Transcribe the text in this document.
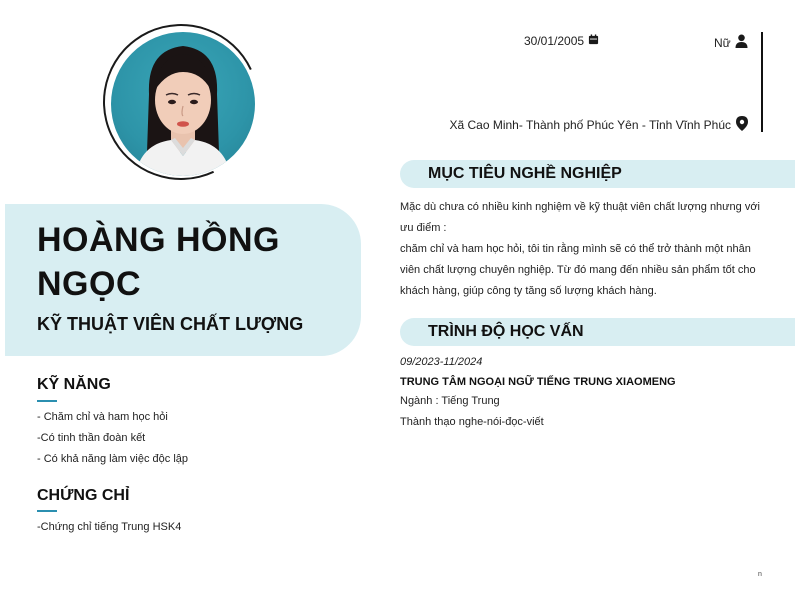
HOÀNG HỒNG NGỌC
KỸ THUẬT VIÊN CHẤT LƯỢNG
KỸ NĂNG
- Chăm chỉ và ham học hỏi
-Có tinh thần đoàn kết
- Có khả năng làm việc độc lập
CHỨNG CHỈ
-Chứng chỉ tiếng Trung HSK4
30/01/2005	Nữ
Xã Cao Minh- Thành phố Phúc Yên - Tỉnh Vĩnh Phúc
MỤC TIÊU NGHỀ NGHIỆP

Mặc dù chưa có nhiều kinh nghiệm về kỹ thuật viên chất lượng nhưng với ưu điểm :

chăm chỉ và ham học hỏi, tôi tin rằng mình sẽ có thể trở thành một nhân viên chất lượng chuyên nghiệp. Từ đó mang đến nhiều sản phẩm tốt cho khách hàng, giúp công ty tăng số lượng khách hàng.

TRÌNH ĐỘ HỌC VẤN
09/2023-11/2024
TRUNG TÂM NGOẠI NGỮ TIẾNG TRUNG XIAOMENG
Ngành : Tiếng Trung
Thành thạo nghe-nói-đọc-viết
n
